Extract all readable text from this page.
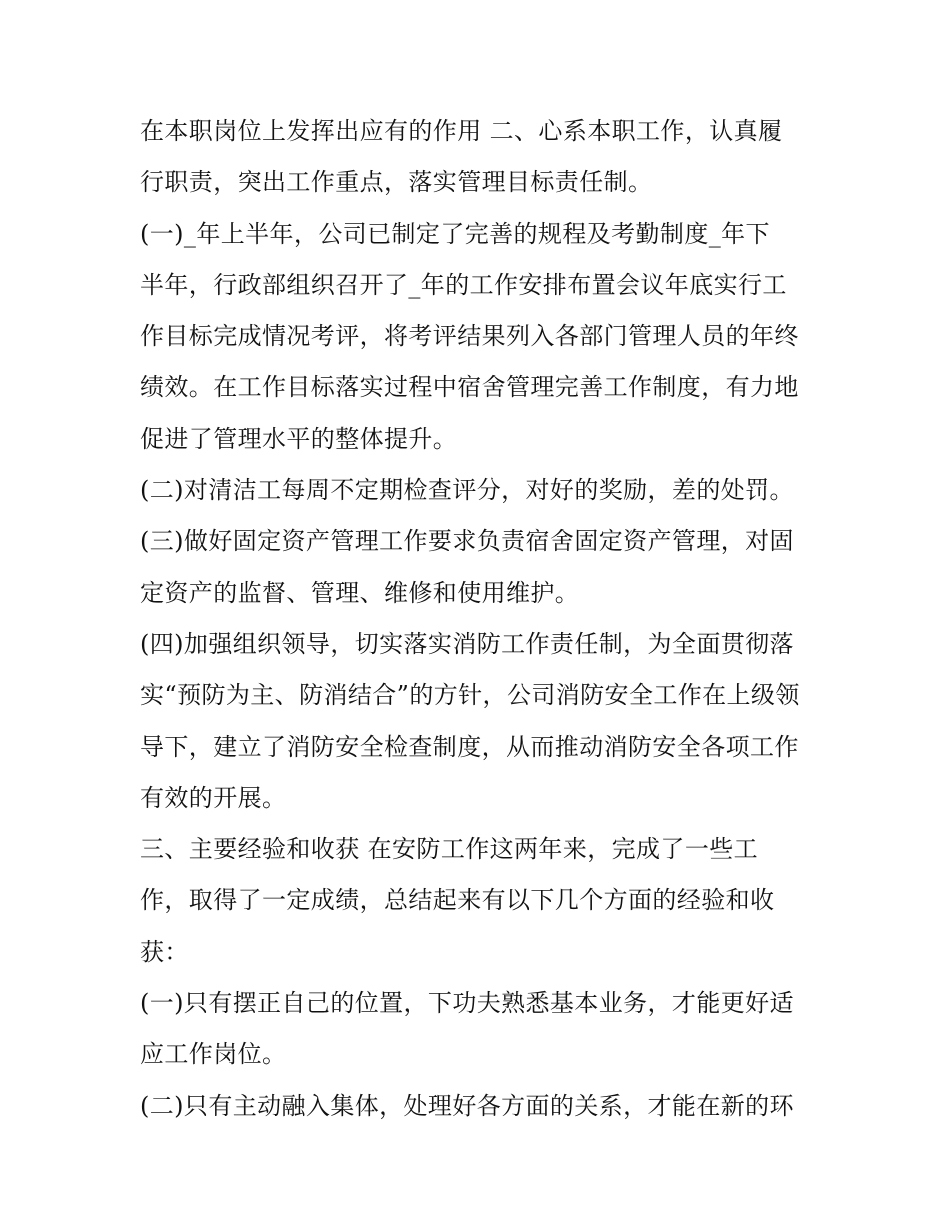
在本职岗位上发挥出应有的作用 二、心系本职工作，认真履
行职责，突出工作重点，落实管理目标责任制。
(一)_年上半年，公司已制定了完善的规程及考勤制度_年下
半年，行政部组织召开了_年的工作安排布置会议年底实行工
作目标完成情况考评，将考评结果列入各部门管理人员的年终
绩效。在工作目标落实过程中宿舍管理完善工作制度，有力地
促进了管理水平的整体提升。
(二)对清洁工每周不定期检查评分，对好的奖励，差的处罚。
(三)做好固定资产管理工作要求负责宿舍固定资产管理，对固
定资产的监督、管理、维修和使用维护。
(四)加强组织领导，切实落实消防工作责任制，为全面贯彻落
实“预防为主、防消结合”的方针，公司消防安全工作在上级领
导下，建立了消防安全检查制度，从而推动消防安全各项工作
有效的开展。
三、主要经验和收获 在安防工作这两年来，完成了一些工
作，取得了一定成绩，总结起来有以下几个方面的经验和收
获：
(一)只有摆正自己的位置，下功夫熟悉基本业务，才能更好适
应工作岗位。
(二)只有主动融入集体，处理好各方面的关系，才能在新的环
